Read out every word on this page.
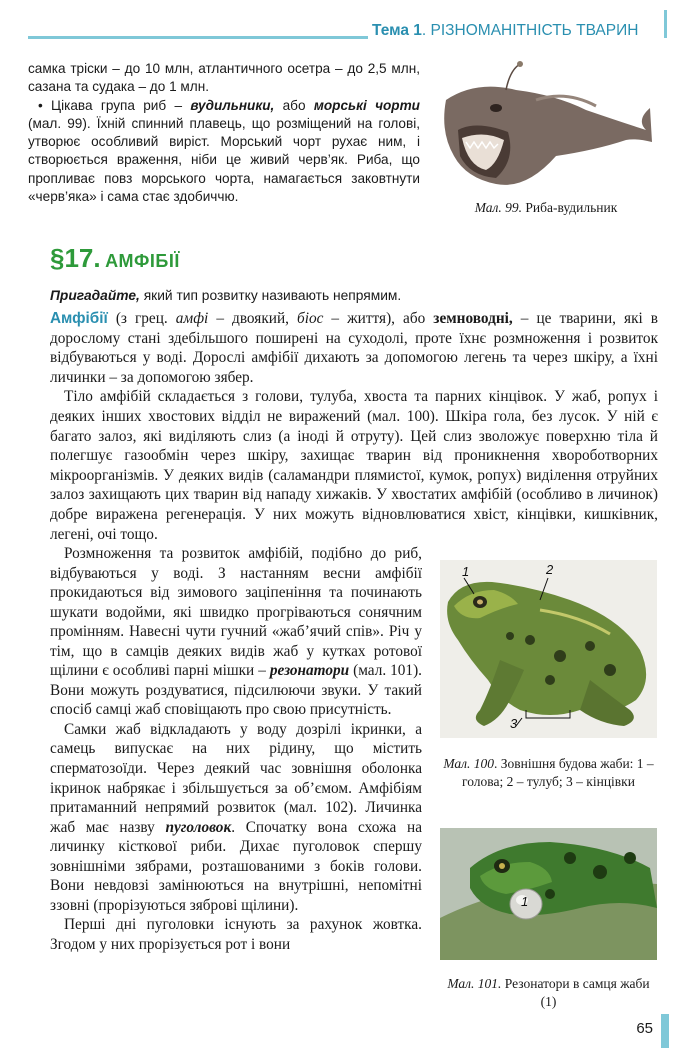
Тема 1. РІЗНОМАНІТНІСТЬ ТВАРИН

самка тріски – до 10 млн, атлантичного осетра – до 2,5 млн, сазана та судака – до 1 млн.

• Цікава група риб – вудильники, або морські чорти (мал. 99). Їхній спинний плавець, що розміщений на голові, утворює особливий виріст. Морський чорт рухає ним, і створюється враження, ніби це живий черв’як. Риба, що пропливає повз морського чорта, намагається заковтнути «черв’яка» і сама стає здобиччю.

Мал. 99. Риба-вудильник
§17. АМФІБІЇ
Пригадайте, який тип розвитку називають непрямим.

Амфібії (з грец. амфі – двоякий, біос – життя), або земноводні, – це тварини, які в дорослому стані здебільшого поширені на суходолі, проте їхнє розмноження і розвиток відбуваються у воді. Дорослі амфібії дихають за допомогою легень та через шкіру, а їхні личинки – за допомогою зябер.

Тіло амфібій складається з голови, тулуба, хвоста та парних кінцівок. У жаб, ропух і деяких інших хвостових відділ не виражений (мал. 100). Шкіра гола, без лусок. У ній є багато залоз, які виділяють слиз (а іноді й отруту). Цей слиз зволожує поверхню тіла й полегшує газообмін через шкіру, захищає тварин від проникнення хвороботворних мікроорганізмів. У деяких видів (саламандри плямистої, кумок, ропух) виділення отруйних залоз захищають цих тварин від нападу хижаків. У хвостатих амфібій (особливо в личинок) добре виражена регенерація. У них можуть відновлюватися хвіст, кінцівки, кишківник, легені, очі тощо.

Розмноження та розвиток амфібій, подібно до риб, відбуваються у воді. З настанням весни амфібії прокидаються від зимового заціпеніння та починають шукати водойми, які швидко прогріваються сонячним промінням. Навесні чути гучний «жаб’ячий спів». Річ у тім, що в самців деяких видів жаб у кутках ротової щілини є особливі парні мішки – резонатори (мал. 101). Вони можуть роздуватися, підсилюючи звуки. У такий спосіб самці жаб сповіщають про свою присутність.

Самки жаб відкладають у воду дозрілі ікринки, а самець випускає на них рідину, що містить сперматозоїди. Через деякий час зовнішня оболонка ікринок набрякає і збільшується за об’ємом. Амфібіям притаманний непрямий розвиток (мал. 102). Личинка жаб має назву пуголовок. Спочатку вона схожа на личинку кісткової риби. Дихає пуголовок спершу зовнішніми зябрами, розташованими з боків голови. Вони невдовзі замінюються на внутрішні, непомітні ззовні (прорізуються зяброві щілини).

Перші дні пуголовки існують за рахунок жовтка. Згодом у них прорізується рот і вони

1	2
3
Мал. 100. Зовнішня будова жаби: 1 – голова; 2 – тулуб; 3 – кінцівки
1
Мал. 101. Резонатори в самця жаби (1)
65
